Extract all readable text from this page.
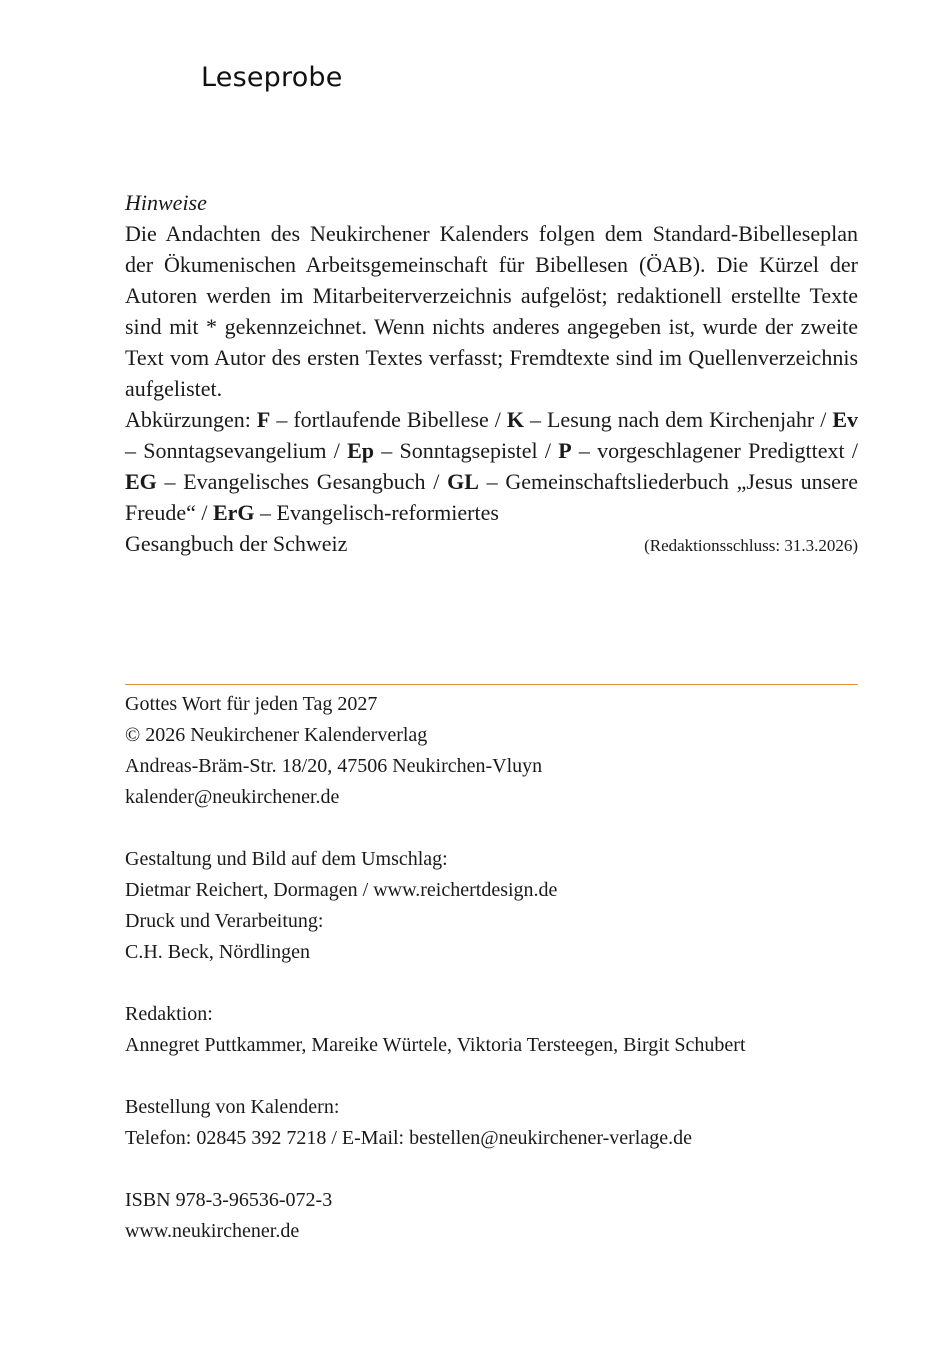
Leseprobe
Hinweise

Die Andachten des Neukirchener Kalenders folgen dem Standard-Bibelleseplan der Ökumenischen Arbeitsgemeinschaft für Bibellesen (ÖAB). Die Kürzel der Autoren werden im Mitarbeiterverzeichnis aufgelöst; redaktionell erstellte Texte sind mit * gekennzeichnet. Wenn nichts anderes angegeben ist, wurde der zweite Text vom Autor des ersten Textes verfasst; Fremdtexte sind im Quellenverzeichnis aufgelistet.

Abkürzungen: F – fortlaufende Bibellese / K – Lesung nach dem Kirchenjahr / Ev – Sonntagsevangelium / Ep – Sonntagsepistel / P – vorgeschlagener Predigttext / EG – Evangelisches Gesangbuch / GL – Gemeinschaftsliederbuch „Jesus unsere Freude“ / ErG – Evangelisch-reformiertes

Gesangbuch der Schweiz	(Redaktionsschluss: 31.3.2026)
Gottes Wort für jeden Tag 2027
© 2026 Neukirchener Kalenderverlag
Andreas-Bräm-Str. 18/20, 47506 Neukirchen-Vluyn
kalender@neukirchener.de
Gestaltung und Bild auf dem Umschlag:
Dietmar Reichert, Dormagen / www.reichertdesign.de
Druck und Verarbeitung:
C.H. Beck, Nördlingen
Redaktion:
Annegret Puttkammer, Mareike Würtele, Viktoria Tersteegen, Birgit Schubert
Bestellung von Kalendern:
Telefon: 02845 392 7218 / E-Mail: bestellen@neukirchener-verlage.de
ISBN 978-3-96536-072-3
www.neukirchener.de
